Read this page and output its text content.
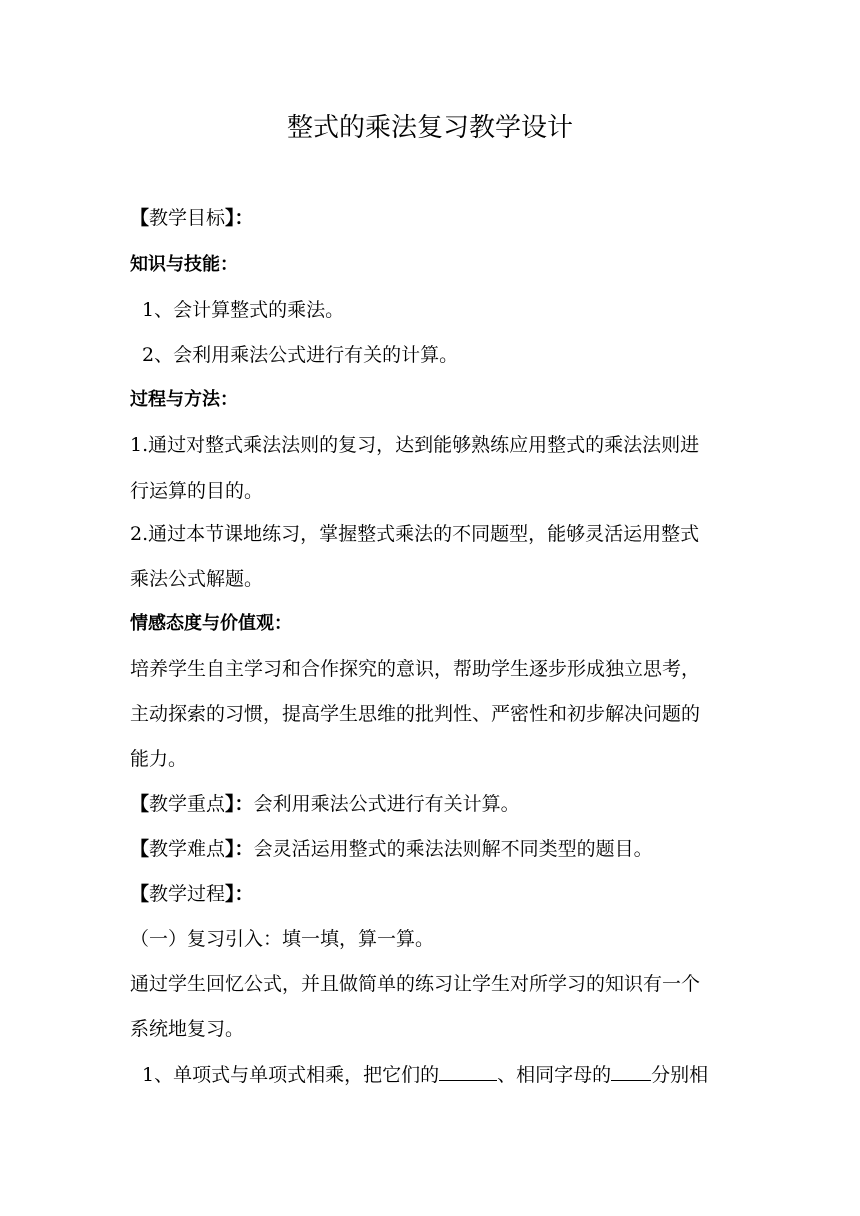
整式的乘法复习教学设计
【教学目标】：
知识与技能：
1、会计算整式的乘法。
2、会利用乘法公式进行有关的计算。
过程与方法：
1.通过对整式乘法法则的复习，达到能够熟练应用整式的乘法法则进
行运算的目的。
2.通过本节课地练习，掌握整式乘法的不同题型，能够灵活运用整式
乘法公式解题。
情感态度与价值观：
培养学生自主学习和合作探究的意识，帮助学生逐步形成独立思考，
主动探索的习惯，提高学生思维的批判性、严密性和初步解决问题的
能力。
【教学重点】：会利用乘法公式进行有关计算。
【教学难点】：会灵活运用整式的乘法法则解不同类型的题目。
【教学过程】：
（一）复习引入：填一填，算一算。
通过学生回忆公式，并且做简单的练习让学生对所学习的知识有一个
系统地复习。
1、单项式与单项式相乘，把它们的	、相同字母的 分别相
